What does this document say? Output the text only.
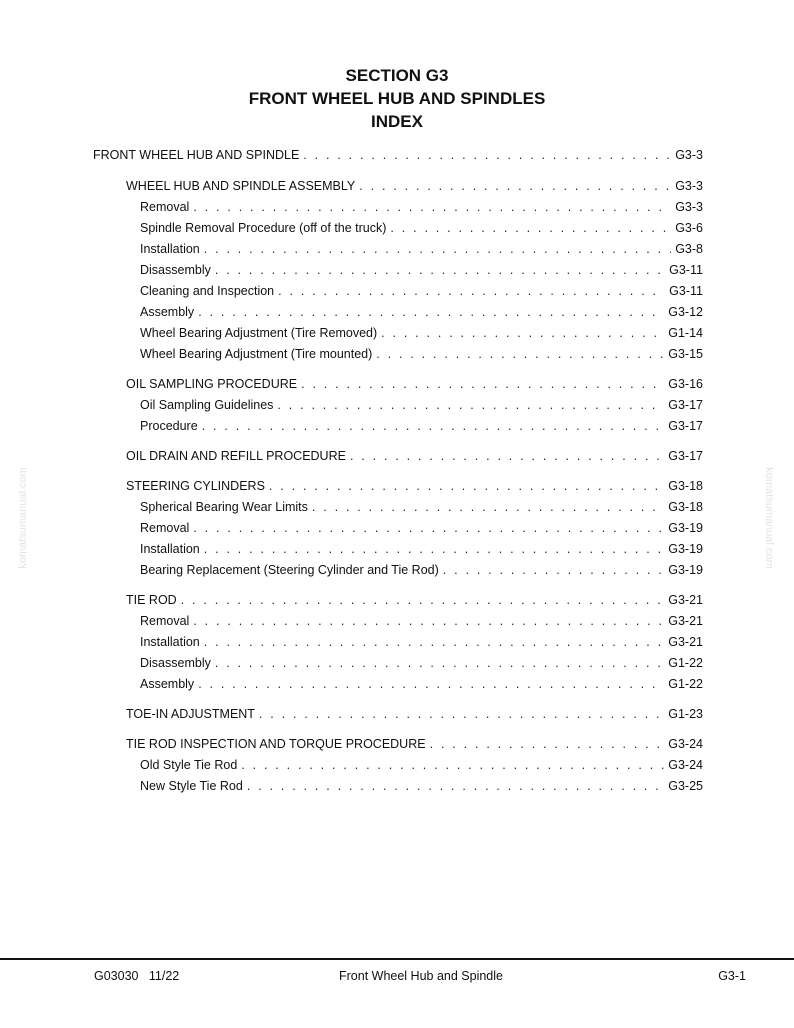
SECTION G3
FRONT WHEEL HUB AND SPINDLES
INDEX
FRONT WHEEL HUB AND SPINDLE . . .	G3-3
WHEEL HUB AND SPINDLE ASSEMBLY . . .	G3-3
Removal . . .	G3-3
Spindle Removal Procedure (off of the truck) . . .	G3-6
Installation . . .	G3-8
Disassembly . . .	G3-11
Cleaning and Inspection . . .	G3-11
Assembly . . .	G3-12
Wheel Bearing Adjustment (Tire Removed) . . .	G1-14
Wheel Bearing Adjustment (Tire mounted) . . .	G3-15
OIL SAMPLING PROCEDURE . . .	G3-16
Oil Sampling Guidelines . . .	G3-17
Procedure . . .	G3-17
OIL DRAIN AND REFILL PROCEDURE . . .	G3-17
STEERING CYLINDERS . . .	G3-18
Spherical Bearing Wear Limits . . .	G3-18
Removal . . .	G3-19
Installation . . .	G3-19
Bearing Replacement (Steering Cylinder and Tie Rod) . . .	G3-19
TIE ROD . . .	G3-21
Removal . . .	G3-21
Installation . . .	G3-21
Disassembly . . .	G1-22
Assembly . . .	G1-22
TOE-IN ADJUSTMENT . . .	G1-23
TIE ROD INSPECTION AND TORQUE PROCEDURE . . .	G3-24
Old Style Tie Rod . . .	G3-24
New Style Tie Rod . . .	G3-25
komatsumanual.com	komatsumanual.com
G03030   11/22	Front Wheel Hub and Spindle	G3-1
